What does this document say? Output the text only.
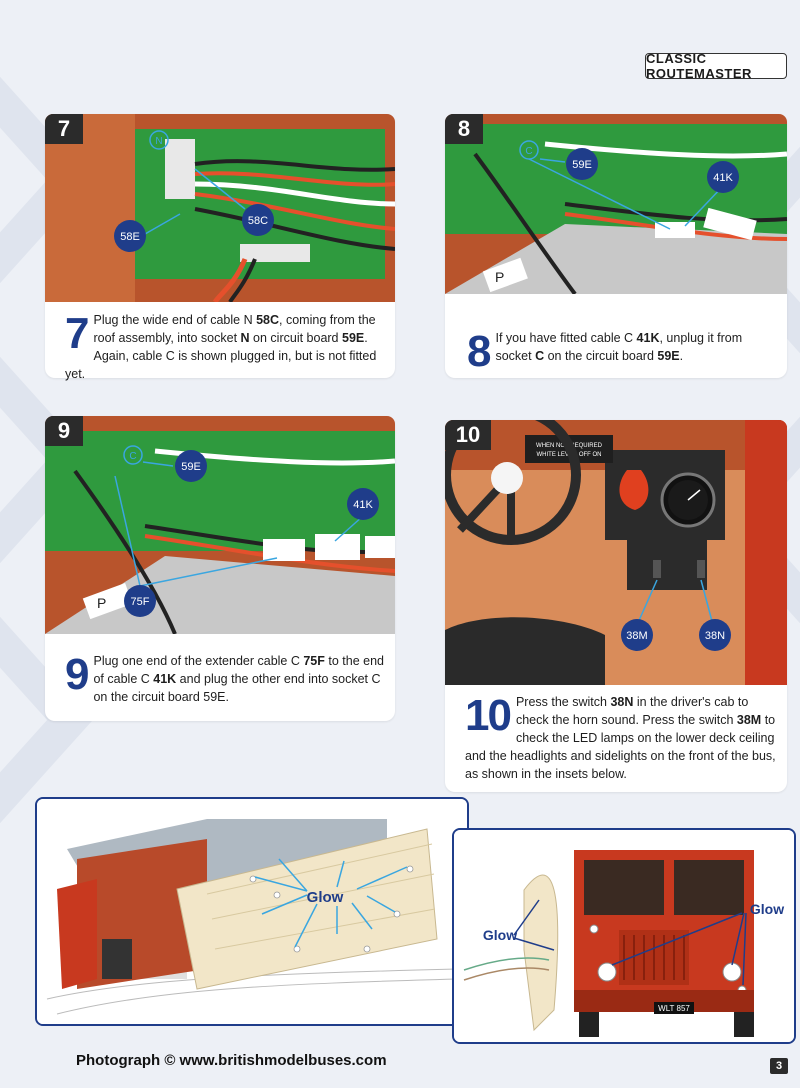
CLASSIC ROUTEMASTER
N
58E
58C
7
7 Plug the wide end of cable N 58C, coming from the roof assembly, into socket N on circuit board 59E. Again, cable C is shown plugged in, but is not fitted yet.
P
C
59E
41K
8
8 If you have fitted cable C 41K, unplug it from socket C on the circuit board 59E.
P
C
59E
41K
75F
9
9 Plug one end of the extender cable C 75F to the end of cable C 41K and plug the other end into socket C on the circuit board 59E.
WHEN NOT REQUIRED
WHITE LEVER OFF ON
38M	38N
10
10 Press the switch 38N in the driver's cab to check the horn sound. Press the switch 38M to check the LED lamps on the lower deck ceiling and the headlights and sidelights on the front of the bus, as shown in the insets below.
Glow
WLT 857
Glow
Glow
Photograph © www.britishmodelbuses.com	3
